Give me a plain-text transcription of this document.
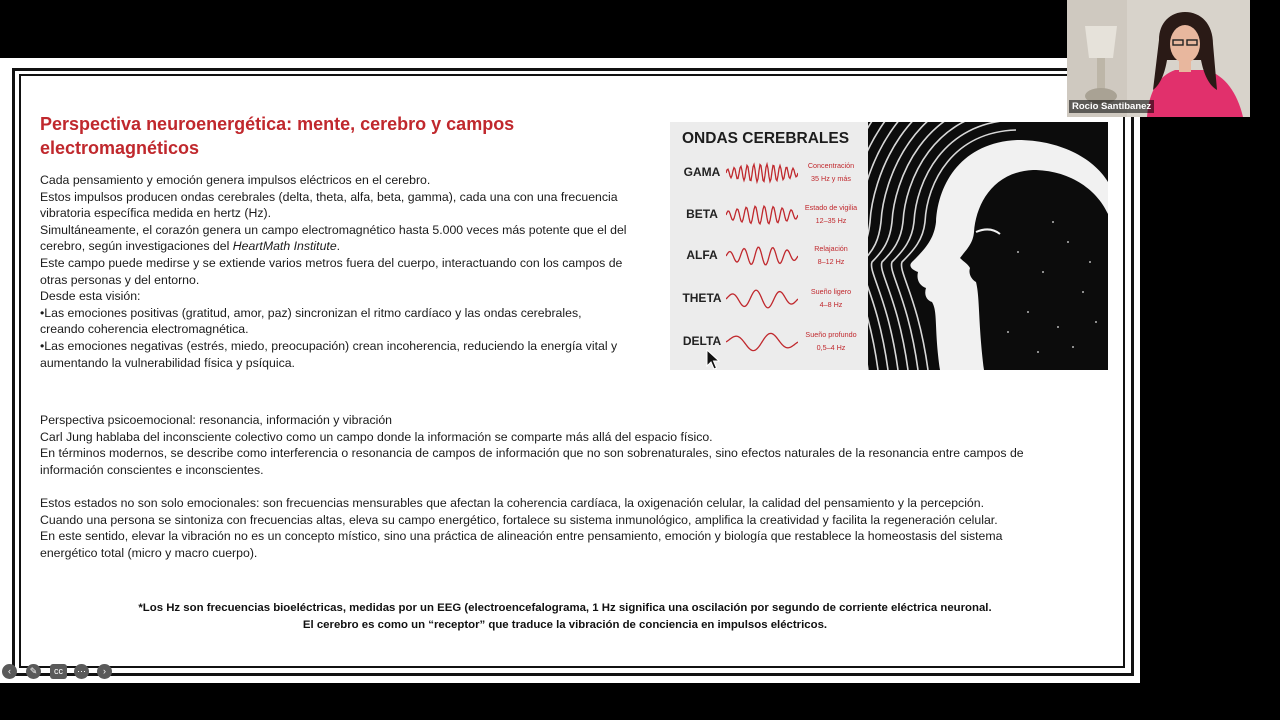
Perspectiva neuroenergética: mente, cerebro y campos
electromagnéticos
Cada pensamiento y emoción genera impulsos eléctricos en el cerebro.
Estos impulsos producen ondas cerebrales (delta, theta, alfa, beta, gamma), cada una con una frecuencia
vibratoria específica medida en hertz (Hz).
Simultáneamente, el corazón genera un campo electromagnético hasta 5.000 veces más potente que el del
cerebro, según investigaciones del HeartMath Institute.
Este campo puede medirse y se extiende varios metros fuera del cuerpo, interactuando con los campos de
otras personas y del entorno.
Desde esta visión:
•Las emociones positivas (gratitud, amor, paz) sincronizan el ritmo cardíaco y las ondas cerebrales,
creando coherencia electromagnética.
•Las emociones negativas (estrés, miedo, preocupación) crean incoherencia, reduciendo la energía vital y
aumentando la vulnerabilidad física y psíquica.
ONDAS CEREBRALES
GAMA	Concentración
35 Hz y más
BETA	Estado de vigilia
12–35 Hz
ALFA	Relajación
8–12 Hz
THETA	Sueño ligero
4–8 Hz
DELTA	Sueño profundo
0,5–4 Hz
Perspectiva psicoemocional: resonancia, información y vibración
Carl Jung hablaba del inconsciente colectivo como un campo donde la información se comparte más allá del espacio físico.
En términos modernos, se describe como interferencia o resonancia de campos de información que no son sobrenaturales, sino efectos naturales de la resonancia entre campos de
información conscientes e inconscientes.
Estos estados no son solo emocionales: son frecuencias mensurables que afectan la coherencia cardíaca, la oxigenación celular, la calidad del pensamiento y la percepción.
Cuando una persona se sintoniza con frecuencias altas, eleva su campo energético, fortalece su sistema inmunológico, amplifica la creatividad y facilita la regeneración celular.
En este sentido, elevar la vibración no es un concepto místico, sino una práctica de alineación entre pensamiento, emoción y biología que restablece la homeostasis del sistema
energético total (micro y macro cuerpo).
*Los Hz son frecuencias bioeléctricas, medidas por un EEG (electroencefalograma, 1 Hz significa una oscilación por segundo de corriente eléctrica neuronal.
El cerebro es como un “receptor” que traduce la vibración de conciencia en impulsos eléctricos.
Rocio Santibanez
‹	✎	cc	⋯	›
